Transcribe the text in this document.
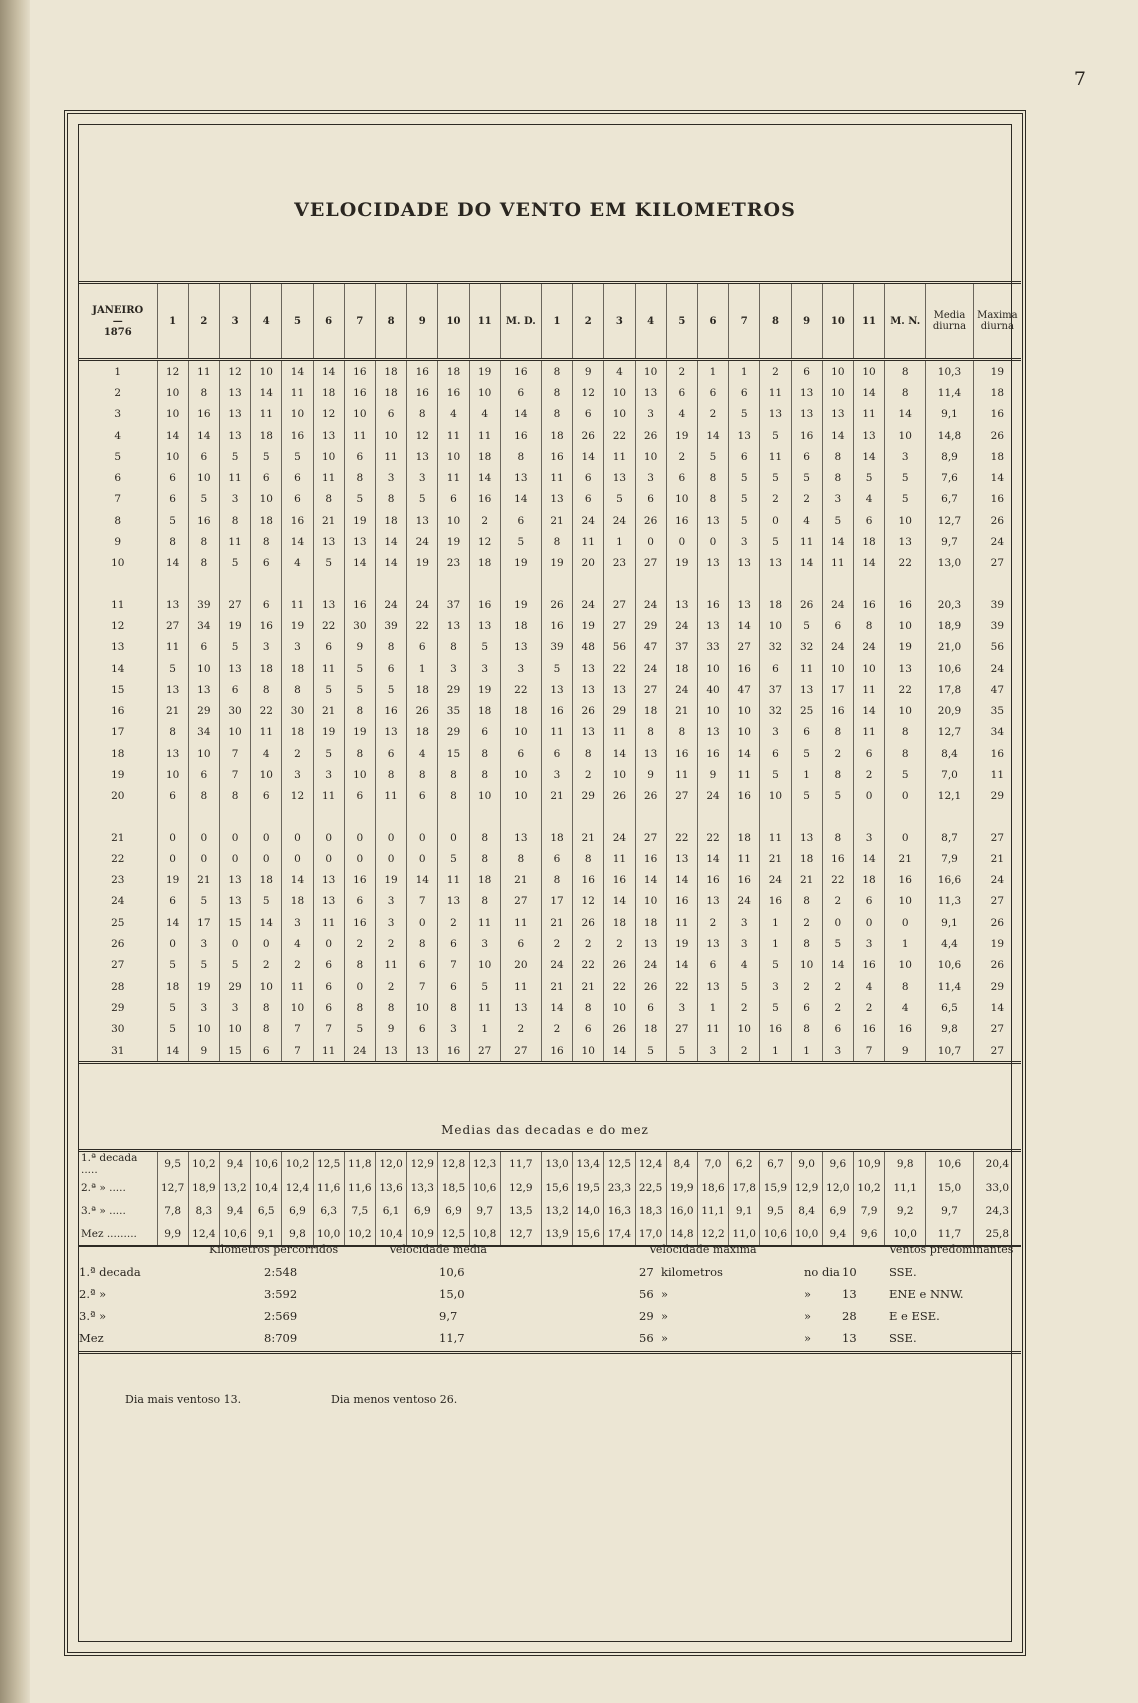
7
VELOCIDADE DO VENTO EM KILOMETROS
JANEIRO
—
1876	1	2	3	4	5	6	7	8	9	10	11	M. D.	1	2	3	4	5	6	7	8	9	10	11	M. N.	Media diurna	Maxima diurna
1	12	11	12	10	14	14	16	18	16	18	19	16	8	9	4	10	2	1	1	2	6	10	10	8	10,3	19
2	10	8	13	14	11	18	16	18	16	16	10	6	8	12	10	13	6	6	6	11	13	10	14	8	11,4	18
3	10	16	13	11	10	12	10	6	8	4	4	14	8	6	10	3	4	2	5	13	13	13	11	14	9,1	16
4	14	14	13	18	16	13	11	10	12	11	11	16	18	26	22	26	19	14	13	5	16	14	13	10	14,8	26
5	10	6	5	5	5	10	6	11	13	10	18	8	16	14	11	10	2	5	6	11	6	8	14	3	8,9	18
6	6	10	11	6	6	11	8	3	3	11	14	13	11	6	13	3	6	8	5	5	5	8	5	5	7,6	14
7	6	5	3	10	6	8	5	8	5	6	16	14	13	6	5	6	10	8	5	2	2	3	4	5	6,7	16
8	5	16	8	18	16	21	19	18	13	10	2	6	21	24	24	26	16	13	5	0	4	5	6	10	12,7	26
9	8	8	11	8	14	13	13	14	24	19	12	5	8	11	1	0	0	0	3	5	11	14	18	13	9,7	24
10	14	8	5	6	4	5	14	14	19	23	18	19	19	20	23	27	19	13	13	13	14	11	14	22	13,0	27

11	13	39	27	6	11	13	16	24	24	37	16	19	26	24	27	24	13	16	13	18	26	24	16	16	20,3	39
12	27	34	19	16	19	22	30	39	22	13	13	18	16	19	27	29	24	13	14	10	5	6	8	10	18,9	39
13	11	6	5	3	3	6	9	8	6	8	5	13	39	48	56	47	37	33	27	32	32	24	24	19	21,0	56
14	5	10	13	18	18	11	5	6	1	3	3	3	5	13	22	24	18	10	16	6	11	10	10	13	10,6	24
15	13	13	6	8	8	5	5	5	18	29	19	22	13	13	13	27	24	40	47	37	13	17	11	22	17,8	47
16	21	29	30	22	30	21	8	16	26	35	18	18	16	26	29	18	21	10	10	32	25	16	14	10	20,9	35
17	8	34	10	11	18	19	19	13	18	29	6	10	11	13	11	8	8	13	10	3	6	8	11	8	12,7	34
18	13	10	7	4	2	5	8	6	4	15	8	6	6	8	14	13	16	16	14	6	5	2	6	8	8,4	16
19	10	6	7	10	3	3	10	8	8	8	8	10	3	2	10	9	11	9	11	5	1	8	2	5	7,0	11
20	6	8	8	6	12	11	6	11	6	8	10	10	21	29	26	26	27	24	16	10	5	5	0	0	12,1	29

21	0	0	0	0	0	0	0	0	0	0	8	13	18	21	24	27	22	22	18	11	13	8	3	0	8,7	27
22	0	0	0	0	0	0	0	0	0	5	8	8	6	8	11	16	13	14	11	21	18	16	14	21	7,9	21
23	19	21	13	18	14	13	16	19	14	11	18	21	8	16	16	14	14	16	16	24	21	22	18	16	16,6	24
24	6	5	13	5	18	13	6	3	7	13	8	27	17	12	14	10	16	13	24	16	8	2	6	10	11,3	27
25	14	17	15	14	3	11	16	3	0	2	11	11	21	26	18	18	11	2	3	1	2	0	0	0	9,1	26
26	0	3	0	0	4	0	2	2	8	6	3	6	2	2	2	13	19	13	3	1	8	5	3	1	4,4	19
27	5	5	5	2	2	6	8	11	6	7	10	20	24	22	26	24	14	6	4	5	10	14	16	10	10,6	26
28	18	19	29	10	11	6	0	2	7	6	5	11	21	21	22	26	22	13	5	3	2	2	4	8	11,4	29
29	5	3	3	8	10	6	8	8	10	8	11	13	14	8	10	6	3	1	2	5	6	2	2	4	6,5	14
30	5	10	10	8	7	7	5	9	6	3	1	2	2	6	26	18	27	11	10	16	8	6	16	16	9,8	27
31	14	9	15	6	7	11	24	13	13	16	27	27	16	10	14	5	5	3	2	1	1	3	7	9	10,7	27
Medias das decadas e do mez
1.ª decada .....	9,5	10,2	9,4	10,6	10,2	12,5	11,8	12,0	12,9	12,8	12,3	11,7	13,0	13,4	12,5	12,4	8,4	7,0	6,2	6,7	9,0	9,6	10,9	9,8	10,6	20,4
2.ª » .....	12,7	18,9	13,2	10,4	12,4	11,6	11,6	13,6	13,3	18,5	10,6	12,9	15,6	19,5	23,3	22,5	19,9	18,6	17,8	15,9	12,9	12,0	10,2	11,1	15,0	33,0
3.ª » .....	7,8	8,3	9,4	6,5	6,9	6,3	7,5	6,1	6,9	6,9	9,7	13,5	13,2	14,0	16,3	18,3	16,0	11,1	9,1	9,5	8,4	6,9	7,9	9,2	9,7	24,3
Mez .........	9,9	12,4	10,6	9,1	9,8	10,0	10,2	10,4	10,9	12,5	10,8	12,7	13,9	15,6	17,4	17,0	14,8	12,2	11,0	10,6	10,0	9,4	9,6	10,0	11,7	25,8
Kilometros percorridos	Velocidade media	Velocidade maxima	Ventos predominantes
1.ª decada	2:548	10,6	27 kilometros	no dia 10	SSE.
2.ª »	3:592	15,0	56 »	»	13	ENE e NNW.
3.ª »	2:569	9,7	29 »	»	28	E e ESE.
Mez	8:709	11,7	56 »	»	13	SSE.
Dia mais ventoso 13.	Dia menos ventoso 26.
